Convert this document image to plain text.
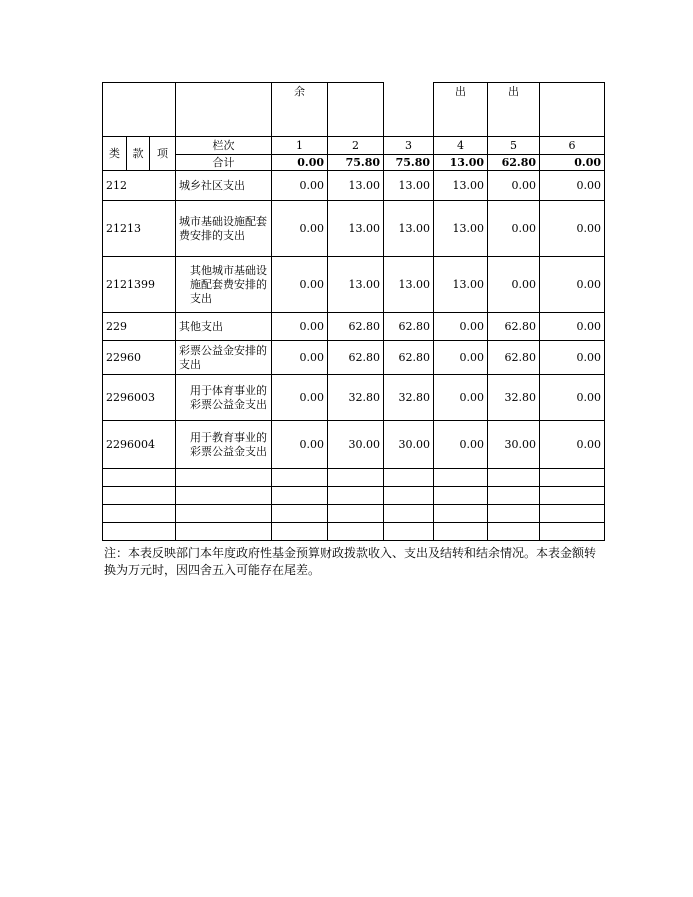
				余			出	出	
类	款	项	栏次	1	2	3	4	5	6
			合计	0.00	75.80	75.80	13.00	62.80	0.00
212			城乡社区支出	0.00	13.00	13.00	13.00	0.00	0.00
21213			城市基础设施配套费安排的支出	0.00	13.00	13.00	13.00	0.00	0.00
2121399			其他城市基础设施配套费安排的支出	0.00	13.00	13.00	13.00	0.00	0.00
229			其他支出	0.00	62.80	62.80	0.00	62.80	0.00
22960			彩票公益金安排的支出	0.00	62.80	62.80	0.00	62.80	0.00
2296003			用于体育事业的彩票公益金支出	0.00	32.80	32.80	0.00	32.80	0.00
2296004			用于教育事业的彩票公益金支出	0.00	30.00	30.00	0.00	30.00	0.00

注：本表反映部门本年度政府性基金预算财政拨款收入、支出及结转和结余情况。本表金额转换为万元时，因四舍五入可能存在尾差。
